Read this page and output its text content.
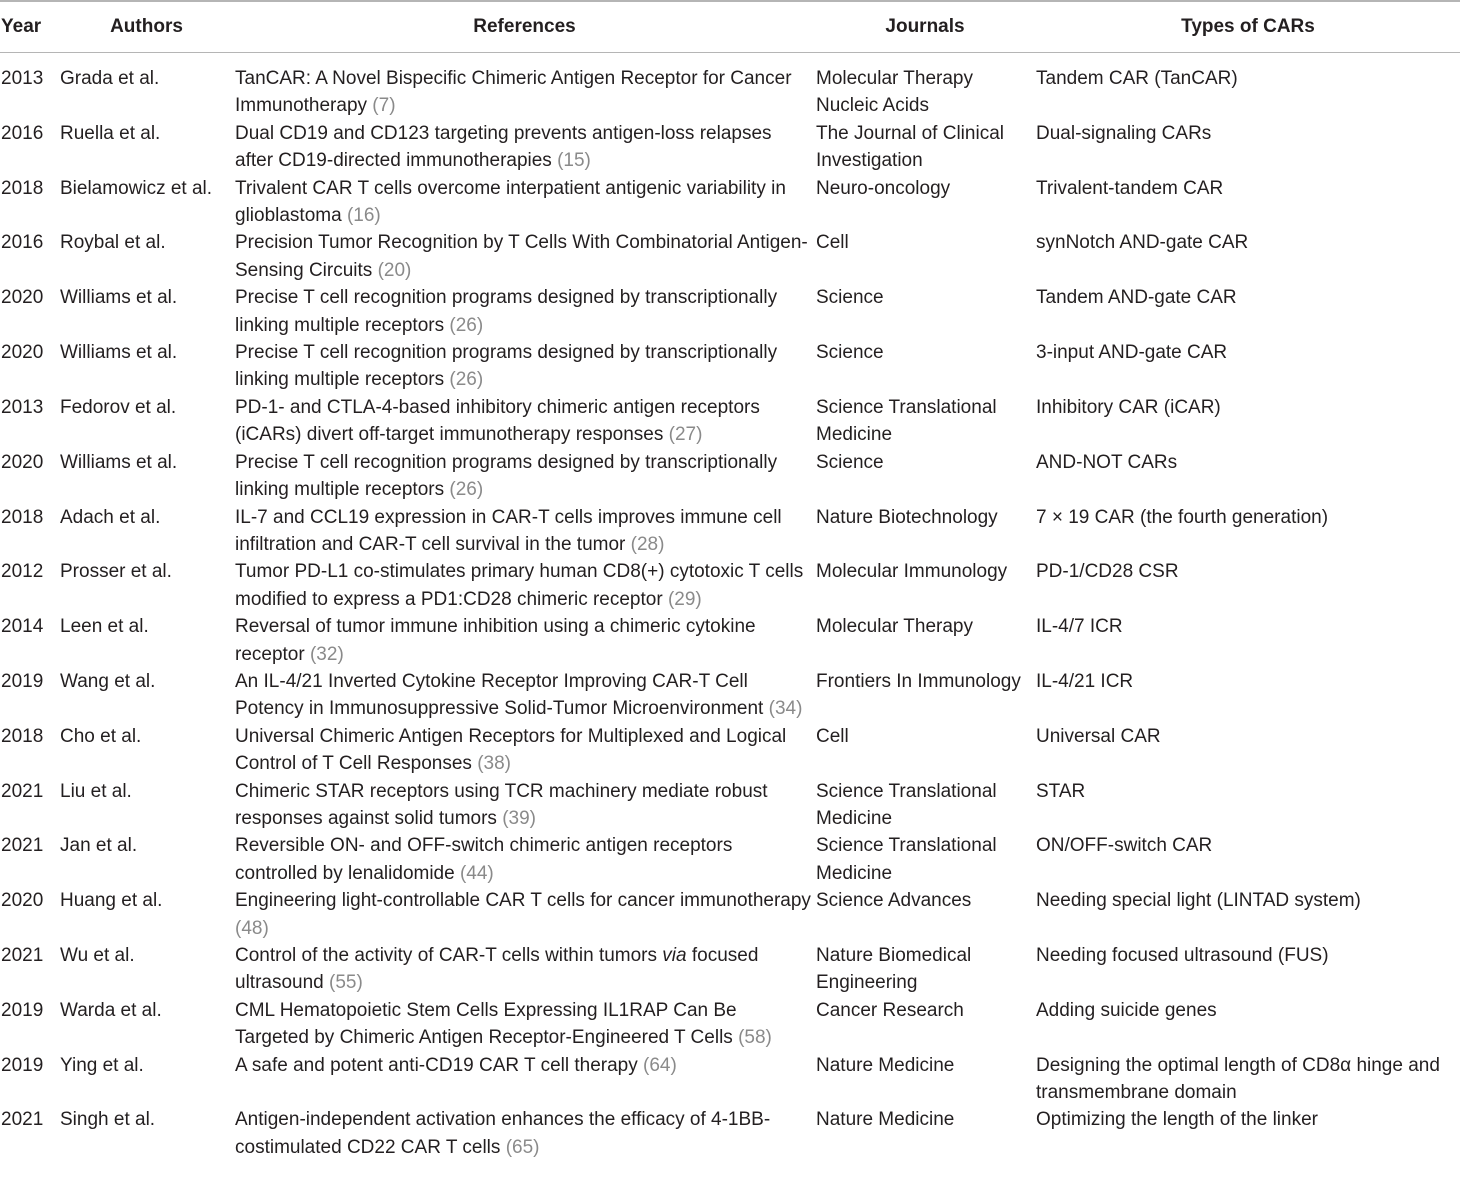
Year	Authors	References	Journals	Types of CARs
2013	Grada et al.	TanCAR: A Novel Bispecific Chimeric Antigen Receptor for Cancer Immunotherapy (7)	Molecular Therapy Nucleic Acids	Tandem CAR (TanCAR)
2016	Ruella et al.	Dual CD19 and CD123 targeting prevents antigen-loss relapses after CD19-directed immunotherapies (15)	The Journal of Clinical Investigation	Dual-signaling CARs
2018	Bielamowicz et al.	Trivalent CAR T cells overcome interpatient antigenic variability in glioblastoma (16)	Neuro-oncology	Trivalent-tandem CAR
2016	Roybal et al.	Precision Tumor Recognition by T Cells With Combinatorial Antigen-Sensing Circuits (20)	Cell	synNotch AND-gate CAR
2020	Williams et al.	Precise T cell recognition programs designed by transcriptionally linking multiple receptors (26)	Science	Tandem AND-gate CAR
2020	Williams et al.	Precise T cell recognition programs designed by transcriptionally linking multiple receptors (26)	Science	3-input AND-gate CAR
2013	Fedorov et al.	PD-1- and CTLA-4-based inhibitory chimeric antigen receptors (iCARs) divert off-target immunotherapy responses (27)	Science Translational Medicine	Inhibitory CAR (iCAR)
2020	Williams et al.	Precise T cell recognition programs designed by transcriptionally linking multiple receptors (26)	Science	AND-NOT CARs
2018	Adach et al.	IL-7 and CCL19 expression in CAR-T cells improves immune cell infiltration and CAR-T cell survival in the tumor (28)	Nature Biotechnology	7 × 19 CAR (the fourth generation)
2012	Prosser et al.	Tumor PD-L1 co-stimulates primary human CD8(+) cytotoxic T cells modified to express a PD1:CD28 chimeric receptor (29)	Molecular Immunology	PD-1/CD28 CSR
2014	Leen et al.	Reversal of tumor immune inhibition using a chimeric cytokine receptor (32)	Molecular Therapy	IL-4/7 ICR
2019	Wang et al.	An IL-4/21 Inverted Cytokine Receptor Improving CAR-T Cell Potency in Immunosuppressive Solid-Tumor Microenvironment (34)	Frontiers In Immunology	IL-4/21 ICR
2018	Cho et al.	Universal Chimeric Antigen Receptors for Multiplexed and Logical Control of T Cell Responses (38)	Cell	Universal CAR
2021	Liu et al.	Chimeric STAR receptors using TCR machinery mediate robust responses against solid tumors (39)	Science Translational Medicine	STAR
2021	Jan et al.	Reversible ON- and OFF-switch chimeric antigen receptors controlled by lenalidomide (44)	Science Translational Medicine	ON/OFF-switch CAR
2020	Huang et al.	Engineering light-controllable CAR T cells for cancer immunotherapy (48)	Science Advances	Needing special light (LINTAD system)
2021	Wu et al.	Control of the activity of CAR-T cells within tumors via focused ultrasound (55)	Nature Biomedical Engineering	Needing focused ultrasound (FUS)
2019	Warda et al.	CML Hematopoietic Stem Cells Expressing IL1RAP Can Be Targeted by Chimeric Antigen Receptor-Engineered T Cells (58)	Cancer Research	Adding suicide genes
2019	Ying et al.	A safe and potent anti-CD19 CAR T cell therapy (64)	Nature Medicine	Designing the optimal length of CD8α hinge and transmembrane domain
2021	Singh et al.	Antigen-independent activation enhances the efficacy of 4-1BB-costimulated CD22 CAR T cells (65)	Nature Medicine	Optimizing the length of the linker
